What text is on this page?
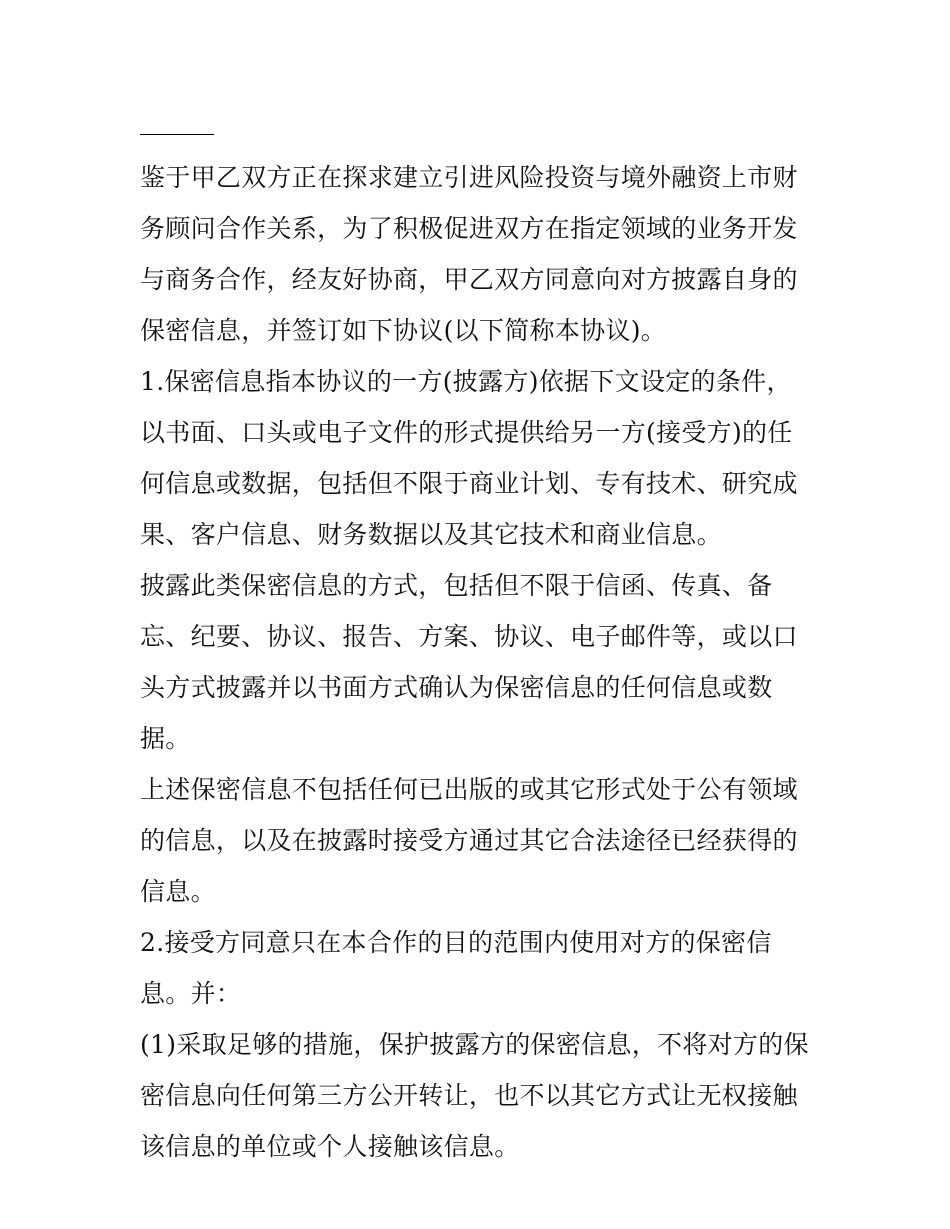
鉴于甲乙双方正在探求建立引进风险投资与境外融资上市财务顾问合作关系，为了积极促进双方在指定领域的业务开发与商务合作，经友好协商，甲乙双方同意向对方披露自身的保密信息，并签订如下协议(以下简称本协议)。

1.保密信息指本协议的一方(披露方)依据下文设定的条件，以书面、口头或电子文件的形式提供给另一方(接受方)的任何信息或数据，包括但不限于商业计划、专有技术、研究成果、客户信息、财务数据以及其它技术和商业信息。

披露此类保密信息的方式，包括但不限于信函、传真、备忘、纪要、协议、报告、方案、协议、电子邮件等，或以口头方式披露并以书面方式确认为保密信息的任何信息或数据。

上述保密信息不包括任何已出版的或其它形式处于公有领域的信息，以及在披露时接受方通过其它合法途径已经获得的信息。

2.接受方同意只在本合作的目的范围内使用对方的保密信息。并：

(1)采取足够的措施，保护披露方的保密信息，不将对方的保密信息向任何第三方公开转让，也不以其它方式让无权接触该信息的单位或个人接触该信息。
